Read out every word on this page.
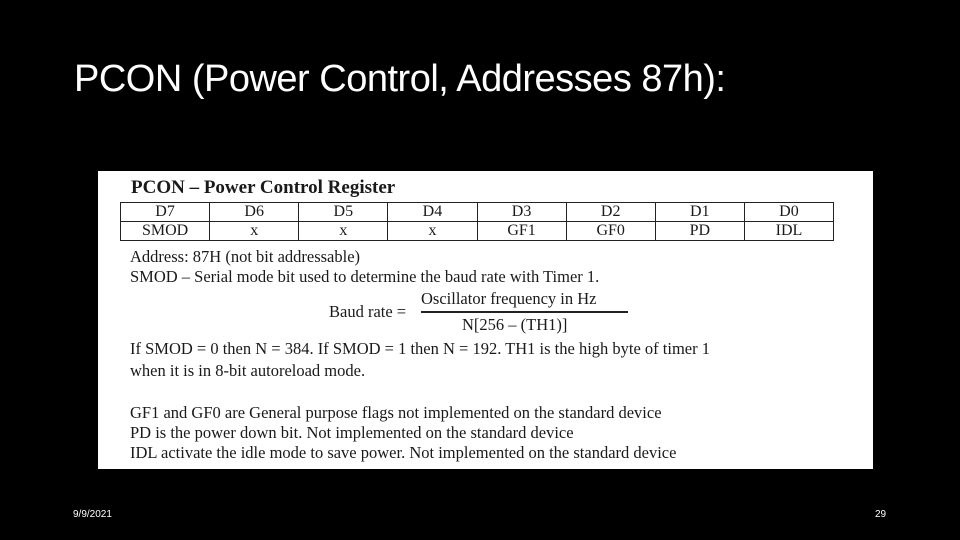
PCON (Power Control, Addresses 87h):
PCON – Power Control Register
D7	D6	D5	D4	D3	D2	D1	D0
SMOD	x	x	x	GF1	GF0	PD	IDL
Address: 87H (not bit addressable)
SMOD – Serial mode bit used to determine the baud rate with Timer 1.
Baud rate =
Oscillator frequency in Hz
N[256 – (TH1)]
If SMOD = 0 then N = 384. If SMOD = 1 then N = 192. TH1 is the high byte of timer 1
when it is in 8-bit autoreload mode.
GF1 and GF0 are General purpose flags not implemented on the standard device
PD is the power down bit. Not implemented on the standard device
IDL activate the idle mode to save power. Not implemented on the standard device
9/9/2021	29
